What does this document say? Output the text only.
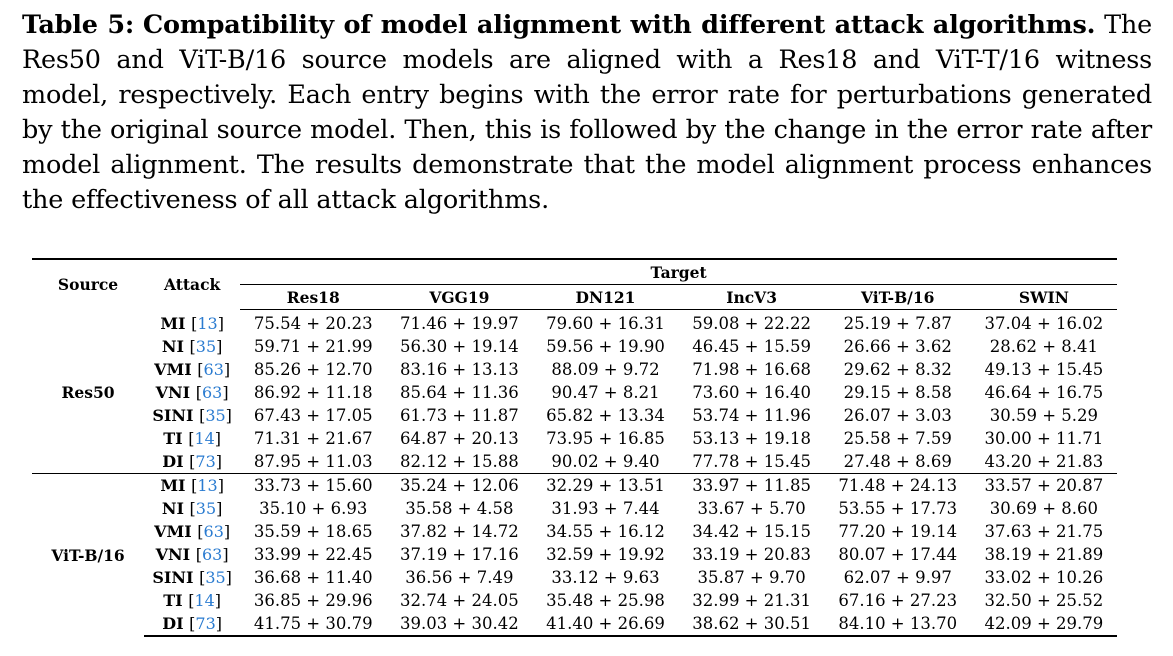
Table 5: Compatibility of model alignment with different attack algorithms. The Res50 and ViT-B/16 source models are aligned with a Res18 and ViT-T/16 witness model, respectively. Each entry begins with the error rate for perturbations generated by the original source model. Then, this is followed by the change in the error rate after model alignment. The results demonstrate that the model alignment process enhances the effectiveness of all attack algorithms.
Source	Attack	Target					
		Res18	VGG19	DN121	IncV3	ViT-B/16	SWIN
Res50	MI [13]	75.54 + 20.23	71.46 + 19.97	79.60 + 16.31	59.08 + 22.22	25.19 + 7.87	37.04 + 16.02
	NI [35]	59.71 + 21.99	56.30 + 19.14	59.56 + 19.90	46.45 + 15.59	26.66 + 3.62	28.62 + 8.41
	VMI [63]	85.26 + 12.70	83.16 + 13.13	88.09 + 9.72	71.98 + 16.68	29.62 + 8.32	49.13 + 15.45
	VNI [63]	86.92 + 11.18	85.64 + 11.36	90.47 + 8.21	73.60 + 16.40	29.15 + 8.58	46.64 + 16.75
	SINI [35]	67.43 + 17.05	61.73 + 11.87	65.82 + 13.34	53.74 + 11.96	26.07 + 3.03	30.59 + 5.29
	TI [14]	71.31 + 21.67	64.87 + 20.13	73.95 + 16.85	53.13 + 19.18	25.58 + 7.59	30.00 + 11.71
	DI [73]	87.95 + 11.03	82.12 + 15.88	90.02 + 9.40	77.78 + 15.45	27.48 + 8.69	43.20 + 21.83
ViT-B/16	MI [13]	33.73 + 15.60	35.24 + 12.06	32.29 + 13.51	33.97 + 11.85	71.48 + 24.13	33.57 + 20.87
	NI [35]	35.10 + 6.93	35.58 + 4.58	31.93 + 7.44	33.67 + 5.70	53.55 + 17.73	30.69 + 8.60
	VMI [63]	35.59 + 18.65	37.82 + 14.72	34.55 + 16.12	34.42 + 15.15	77.20 + 19.14	37.63 + 21.75
	VNI [63]	33.99 + 22.45	37.19 + 17.16	32.59 + 19.92	33.19 + 20.83	80.07 + 17.44	38.19 + 21.89
	SINI [35]	36.68 + 11.40	36.56 + 7.49	33.12 + 9.63	35.87 + 9.70	62.07 + 9.97	33.02 + 10.26
	TI [14]	36.85 + 29.96	32.74 + 24.05	35.48 + 25.98	32.99 + 21.31	67.16 + 27.23	32.50 + 25.52
	DI [73]	41.75 + 30.79	39.03 + 30.42	41.40 + 26.69	38.62 + 30.51	84.10 + 13.70	42.09 + 29.79
